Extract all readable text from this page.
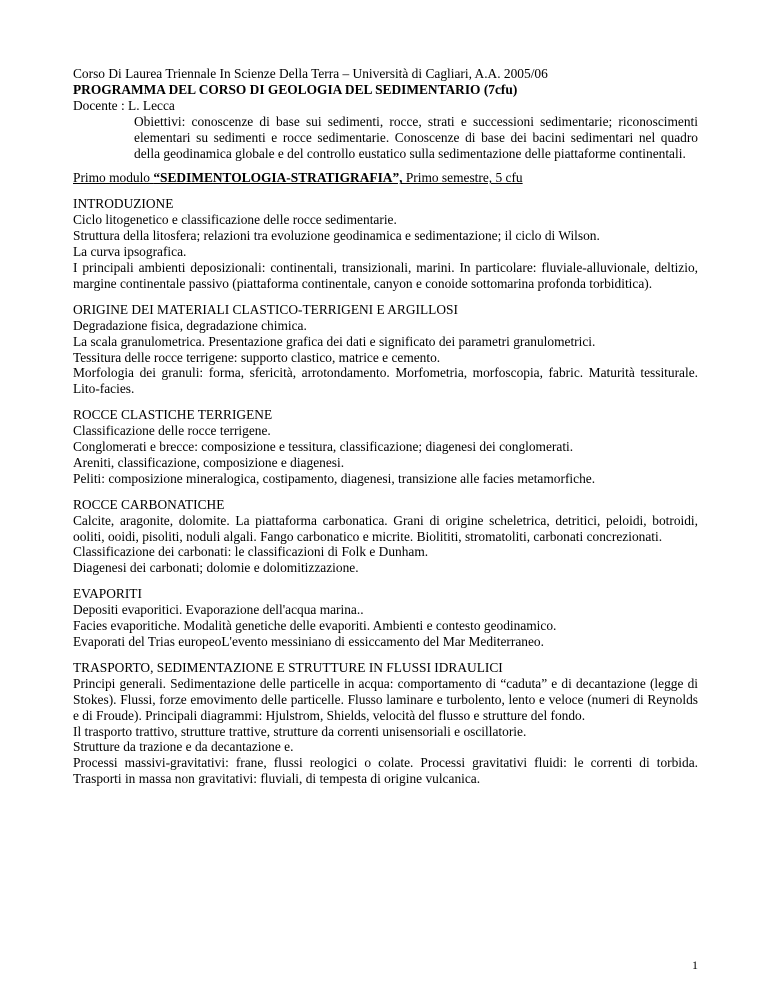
Corso Di Laurea Triennale In Scienze Della Terra – Università di Cagliari, A.A. 2005/06
PROGRAMMA DEL CORSO DI GEOLOGIA DEL SEDIMENTARIO (7cfu)
Docente : L. Lecca
Obiettivi: conoscenze di base sui sedimenti, rocce, strati e successioni sedimentarie; riconoscimenti elementari su sedimenti e rocce sedimentarie. Conoscenze di base dei bacini sedimentari nel quadro della geodinamica globale e del controllo eustatico sulla sedimentazione delle piattaforme continentali.
Primo modulo “SEDIMENTOLOGIA-STRATIGRAFIA”, Primo semestre, 5 cfu
INTRODUZIONE
Ciclo litogenetico e classificazione delle rocce sedimentarie.
Struttura della litosfera; relazioni tra evoluzione geodinamica e sedimentazione; il ciclo di Wilson.
La curva ipsografica.
I principali ambienti deposizionali: continentali, transizionali, marini. In particolare: fluviale-alluvionale, deltizio, margine continentale passivo (piattaforma continentale, canyon e conoide sottomarina profonda torbiditica).
ORIGINE DEI MATERIALI CLASTICO-TERRIGENI E ARGILLOSI
Degradazione fisica, degradazione chimica.
La scala granulometrica. Presentazione grafica dei dati e significato dei parametri granulometrici.
Tessitura delle rocce terrigene: supporto clastico, matrice e cemento.
Morfologia dei granuli: forma, sfericità, arrotondamento. Morfometria, morfoscopia, fabric. Maturità tessiturale. Lito-facies.
ROCCE CLASTICHE TERRIGENE
Classificazione delle rocce terrigene.
Conglomerati e brecce: composizione e tessitura, classificazione; diagenesi dei conglomerati.
Areniti, classificazione, composizione e diagenesi.
Peliti: composizione mineralogica, costipamento, diagenesi, transizione alle facies metamorfiche.
ROCCE CARBONATICHE
Calcite, aragonite, dolomite. La piattaforma carbonatica. Grani di origine scheletrica, detritici, peloidi, botroidi, ooliti, ooidi, pisoliti, noduli algali. Fango carbonatico e micrite. Biolititi, stromatoliti, carbonati concrezionati.
Classificazione dei carbonati: le classificazioni di Folk e Dunham.
Diagenesi dei carbonati; dolomie e dolomitizzazione.
EVAPORITI
Depositi evaporitici. Evaporazione dell'acqua marina..
Facies evaporitiche. Modalità genetiche delle evaporiti. Ambienti e contesto geodinamico.
Evaporati del Trias europeoL'evento messiniano di essiccamento del Mar Mediterraneo.
TRASPORTO, SEDIMENTAZIONE E STRUTTURE IN FLUSSI IDRAULICI
Principi generali. Sedimentazione delle particelle in acqua: comportamento di “caduta” e di decantazione (legge di Stokes). Flussi, forze emovimento delle particelle. Flusso laminare e turbolento, lento e veloce (numeri di Reynolds e di Froude). Principali diagrammi: Hjulstrom, Shields, velocità del flusso e strutture del fondo.
Il trasporto trattivo, strutture trattive, strutture da correnti unisensoriali e oscillatorie.
Strutture da trazione e da decantazione e.
Processi massivi-gravitativi: frane, flussi reologici o colate. Processi gravitativi fluidi: le correnti di torbida. Trasporti in massa non gravitativi: fluviali, di tempesta di origine vulcanica.
1
